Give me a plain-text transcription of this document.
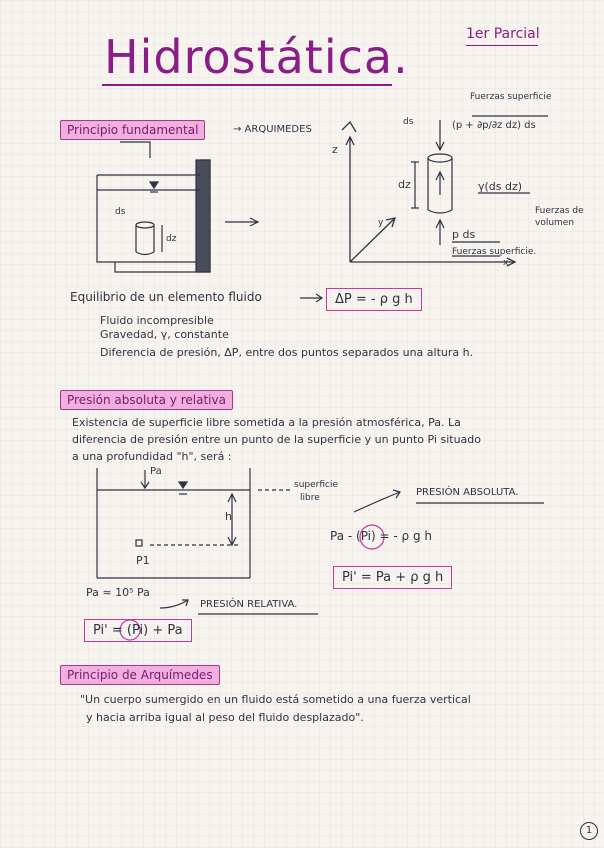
Hidrostática.	1er Parcial
Fuerzas superficie
Principio fundamental	→ ARQUIMEDES	(p + ∂p/∂z dz) ds
ds
ds
dz
dz
z
y
x
γ(ds dz)
Fuerzas de volumen
p ds
Fuerzas superficie.
Equilibrio de un elemento fluido	ΔP = - ρ g h
Fluido incompresible
Gravedad, γ, constante
Diferencia de presión, ΔP, entre dos puntos separados una altura h.
Presión absoluta y relativa
Existencia de superficie libre sometida a la presión atmosférica, Pa. La
diferencia de presión entre un punto de la superficie y un punto Pi situado
a una profundidad "h", será :
Pa
h
P1
superficie
libre	PRESIÓN ABSOLUTA.
Pa - (Pi) = - ρ g h
Pi' = Pa + ρ g h
Pa ≈ 10⁵ Pa
PRESIÓN RELATIVA.
Pi' = (Pi) + Pa
Principio de Arquímedes
"Un cuerpo sumergido en un fluido está sometido a una fuerza vertical
y hacia arriba igual al peso del fluido desplazado".
1
